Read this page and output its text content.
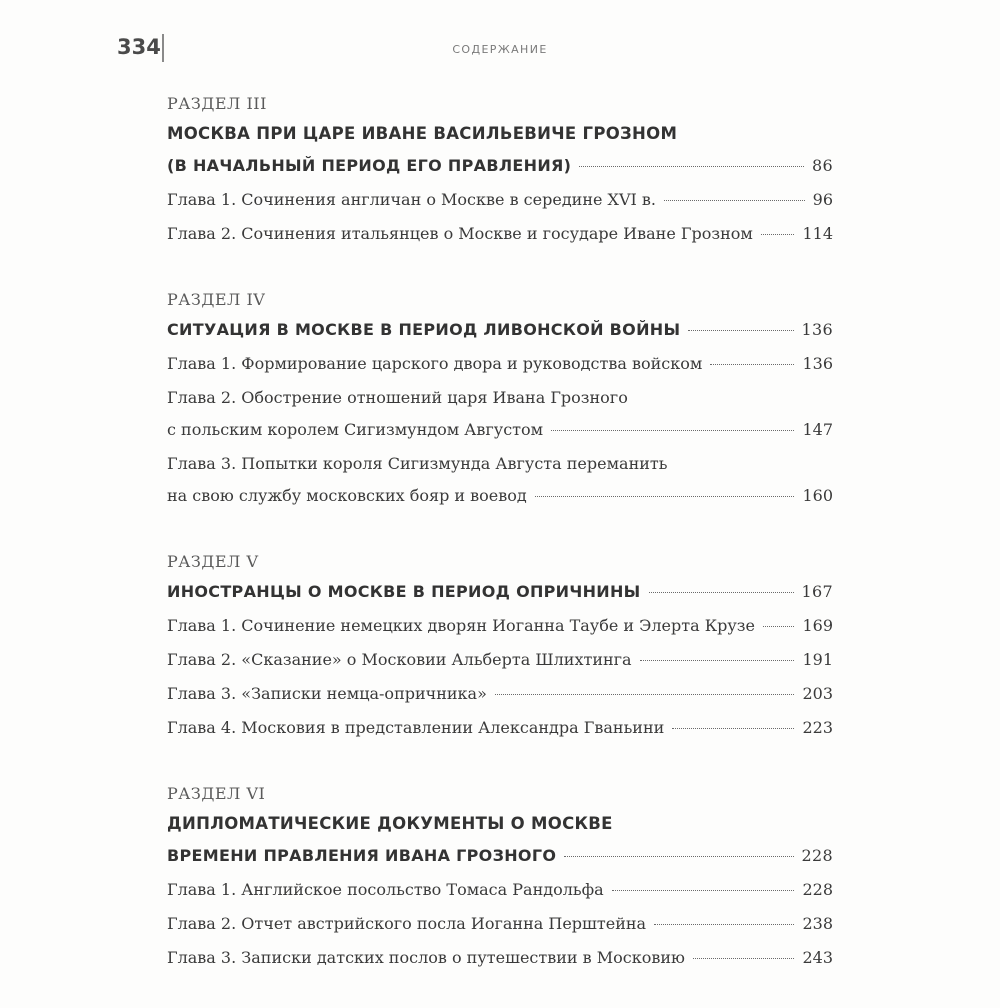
334	СОДЕРЖАНИЕ
РАЗДЕЛ III
МОСКВА ПРИ ЦАРЕ ИВАНЕ ВАСИЛЬЕВИЧЕ ГРОЗНОМ
(В НАЧАЛЬНЫЙ ПЕРИОД ЕГО ПРАВЛЕНИЯ)	86
Глава 1. Сочинения англичан о Москве в середине XVI в.	96
Глава 2. Сочинения итальянцев о Москве и государе Иване Грозном	114
РАЗДЕЛ IV
СИТУАЦИЯ В МОСКВЕ В ПЕРИОД ЛИВОНСКОЙ ВОЙНЫ	136
Глава 1. Формирование царского двора и руководства войском	136
Глава 2. Обострение отношений царя Ивана Грозного
с польским королем Сигизмундом Августом	147
Глава 3. Попытки короля Сигизмунда Августа переманить
на свою службу московских бояр и воевод	160
РАЗДЕЛ V
ИНОСТРАНЦЫ О МОСКВЕ В ПЕРИОД ОПРИЧНИНЫ	167
Глава 1. Сочинение немецких дворян Иоганна Таубе и Элерта Крузе	169
Глава 2. «Сказание» о Московии Альберта Шлихтинга	191
Глава 3. «Записки немца-опричника»	203
Глава 4. Московия в представлении Александра Гваньини	223
РАЗДЕЛ VI
ДИПЛОМАТИЧЕСКИЕ ДОКУМЕНТЫ О МОСКВЕ
ВРЕМЕНИ ПРАВЛЕНИЯ ИВАНА ГРОЗНОГО	228
Глава 1. Английское посольство Томаса Рандольфа	228
Глава 2. Отчет австрийского посла Иоганна Перштейна	238
Глава 3. Записки датских послов о путешествии в Московию	243
